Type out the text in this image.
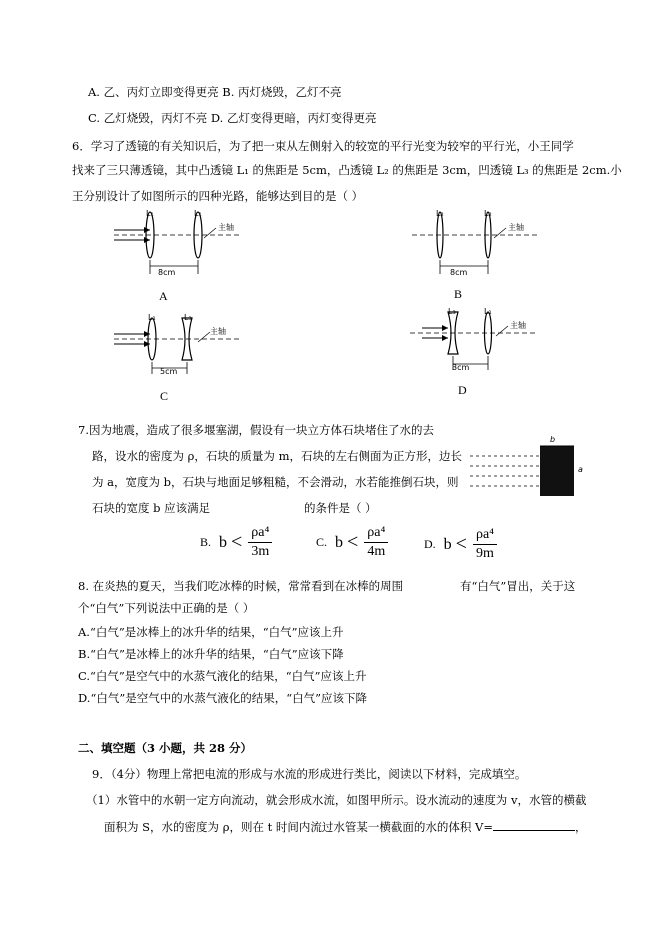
A. 乙、丙灯立即变得更亮 B. 丙灯烧毁，乙灯不亮
C. 乙灯烧毁，丙灯不亮 D. 乙灯变得更暗，丙灯变得更亮
6．学习了透镜的有关知识后，为了把一束从左侧射入的较宽的平行光变为较窄的平行光，小王同学
找来了三只薄透镜，其中凸透镜 L₁ 的焦距是 5cm，凸透镜 L₂ 的焦距是 3cm，凹透镜 L₃ 的焦距是 2cm.小
王分别设计了如图所示的四种光路，能够达到目的是（ ）
L₁	L₁
主轴
8cm
A
L₂	L₂
主轴
8cm
B
L₁	L₃
主轴
5cm
C
L₃	L₁
主轴
3cm
D
7.因为地震，造成了很多堰塞湖，假设有一块立方体石块堵住了水的去
路，设水的密度为 ρ，石块的质量为 m，石块的左右侧面为正方形，边长
为 a，宽度为 b，石块与地面足够粗糙，不会滑动，水若能推倒石块，则
石块的宽度 b 应该满足	的条件是（ ）
b
a
B. $b < \frac{\text{ρa⁴}}{3m}$	C. $b < \frac{\text{ρa⁴}}{4m}$	D. $b < \frac{\text{ρa⁴}}{9m}$
8. 在炎热的夏天，当我们吃冰棒的时候，常常看到在冰棒的周围	有“白气”冒出，关于这
个“白气”下列说法中正确的是（ ）
A.“白气”是冰棒上的冰升华的结果，“白气”应该上升
B.“白气”是冰棒上的冰升华的结果，“白气”应该下降
C.“白气”是空气中的水蒸气液化的结果，“白气”应该上升
D.“白气”是空气中的水蒸气液化的结果，“白气”应该下降
二、填空题（3 小题，共 28 分）
9．（4分）物理上常把电流的形成与水流的形成进行类比，阅读以下材料，完成填空。
（1）水管中的水朝一定方向流动，就会形成水流，如图甲所示。设水流动的速度为 v，水管的横截
面积为 S，水的密度为 ρ，则在 t 时间内流过水管某一横截面的水的体积 V=	，
